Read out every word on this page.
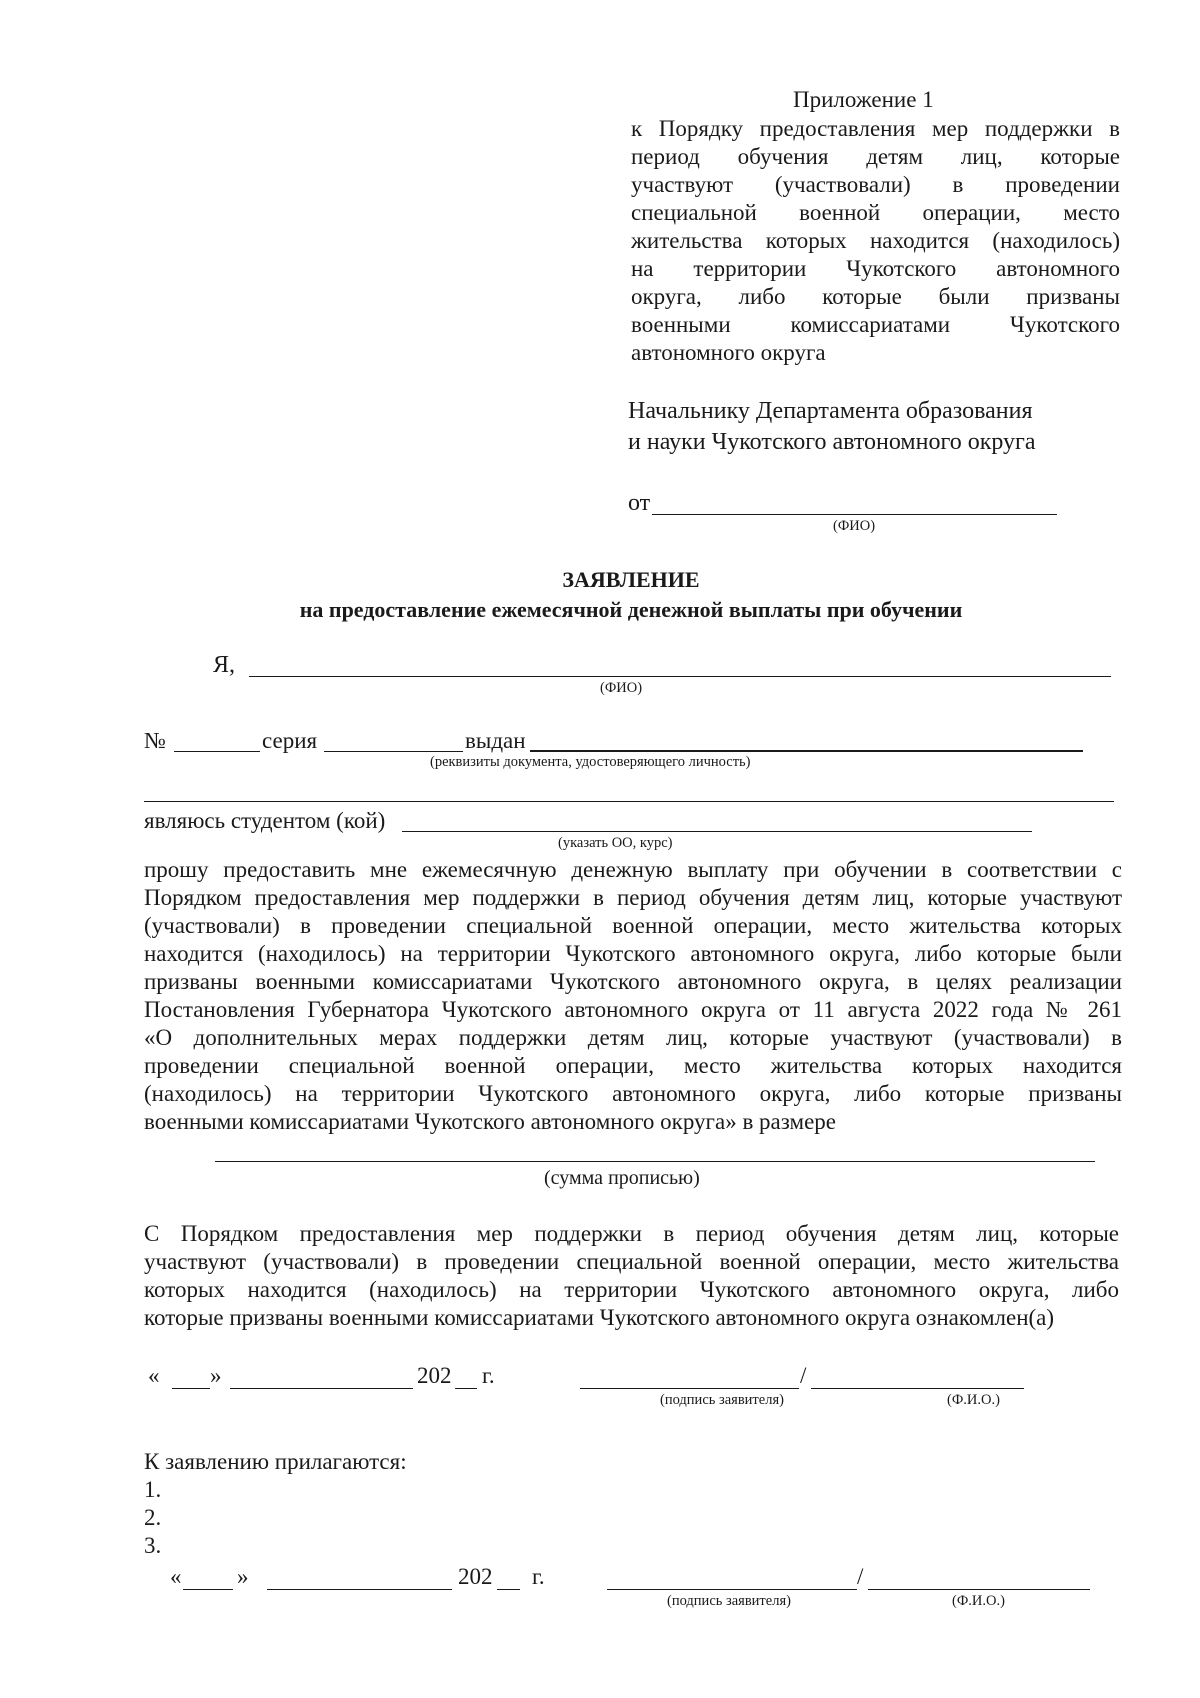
Приложение 1
к Порядку предоставления мер поддержки в
период обучения детям лиц, которые
участвуют (участвовали) в проведении
специальной военной операции, место
жительства которых находится (находилось)
на территории Чукотского автономного
округа, либо которые были призваны
военными комиссариатами Чукотского
автономного округа
Начальнику Департамента образования
и науки Чукотского автономного округа
от
(ФИО)
ЗАЯВЛЕНИЕ
на предоставление ежемесячной денежной выплаты при обучении
Я,
(ФИО)
№	серия	выдан
(реквизиты документа, удостоверяющего личность)
являюсь студентом (кой)
(указать ОО, курс)
прошу предоставить мне ежемесячную денежную выплату при обучении в соответствии с
Порядком предоставления мер поддержки в период обучения детям лиц, которые участвуют
(участвовали) в проведении специальной военной операции, место жительства которых
находится (находилось) на территории Чукотского автономного округа, либо которые были
призваны военными комиссариатами Чукотского автономного округа, в целях реализации
Постановления Губернатора Чукотского автономного округа от 11 августа 2022 года № 261
«О дополнительных мерах поддержки детям лиц, которые участвуют (участвовали) в
проведении специальной военной операции, место жительства которых находится
(находилось) на территории Чукотского автономного округа, либо которые призваны
военными комиссариатами Чукотского автономного округа» в размере
(сумма прописью)
С Порядком предоставления мер поддержки в период обучения детям лиц, которые
участвуют (участвовали) в проведении специальной военной операции, место жительства
которых находится (находилось) на территории Чукотского автономного округа, либо
которые призваны военными комиссариатами Чукотского автономного округа ознакомлен(а)
« »	202 г.	/
(подпись заявителя)	(Ф.И.О.)
К заявлению прилагаются:
1.
2.
3.
« »	202 г.	/
(подпись заявителя)	(Ф.И.О.)
